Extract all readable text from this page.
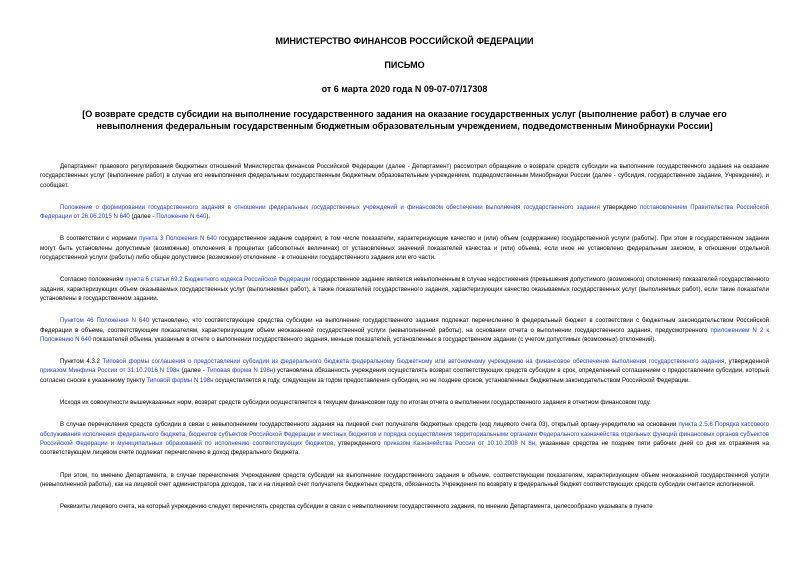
МИНИСТЕРСТВО ФИНАНСОВ РОССИЙСКОЙ ФЕДЕРАЦИИ
ПИСЬМО
от 6 марта 2020 года N 09-07-07/17308
[О возврате средств субсидии на выполнение государственного задания на оказание государственных услуг (выполнение работ) в случае его невыполнения федеральным государственным бюджетным образовательным учреждением, подведомственным Минобрнауки России]

Департамент правового регулирования бюджетных отношений Министерства финансов Российской Федерации (далее - Департамент) рассмотрел обращение о возврате средств субсидии на выполнение государственного задания на оказание государственных услуг (выполнение работ) в случае его невыполнения федеральным государственным бюджетным образовательным учреждением, подведомственным Минобрнауки России (далее - субсидия, государственное задание, Учреждение), и сообщает.

Положение о формировании государственного задания в отношении федеральных государственных учреждений и финансовом обеспечении выполнения государственного задания утверждено постановлением Правительства Российской Федерации от 26.06.2015 N 640 (далее - Положение N 640).

В соответствии с нормами пункта 3 Положения N 640 государственное задание содержит, в том числе показатели, характеризующие качество и (или) объем (содержание) государственной услуги (работы). При этом в государственном задании могут быть установлены допустимые (возможные) отклонения в процентах (абсолютных величинах) от установленных значений показателей качества и (или) объема, если иное не установлено федеральным законом, в отношении отдельной государственной услуги (работы) либо общее допустимое (возможное) отклонение - в отношении государственного задания или его части.

Согласно положениям пункта 6 статьи 69.2 Бюджетного кодекса Российской Федерации государственное задание является невыполненным в случае недостижения (превышения допустимого (возможного) отклонения) показателей государственного задания, характеризующих объем оказываемых государственных услуг (выполняемых работ), а также показателей государственного задания, характеризующих качество оказываемых государственных услуг (выполняемых работ), если такие показатели установлены в государственном задании.

Пунктом 46 Положения N 640 установлено, что соответствующие средства субсидии на выполнение государственного задания подлежат перечислению в федеральный бюджет в соответствии с бюджетным законодательством Российской Федерации в объеме, соответствующем показателям, характеризующим объем неоказанной государственной услуги (невыполненной работы), на основании отчета о выполнении государственного задания, предусмотренного приложением N 2 к Положению N 640 показателей объема, указанные в отчете о выполнении государственного задания, меньше показателей, установленных в государственном задании (с учетом допустимых (возможных) отклонений).

Пунктом 4.3.2 Типовой формы соглашения о предоставлении субсидии из федерального бюджета федеральному бюджетному или автономному учреждению на финансовое обеспечение выполнения государственного задания, утвержденной приказом Минфина России от 31.10.2016 N 198н (далее - Типовая форма N 198н) установлена обязанность учреждения осуществлять возврат соответствующих средств субсидии в срок, определенный соглашением о предоставлении субсидии, который согласно сноске к указанному пункту Типовой формы N 198н осуществляется в году, следующем за годом предоставления субсидии, но не позднее сроков, установленных бюджетным законодательством Российской Федерации.

Исходя их совокупности вышеуказанных норм, возврат средств субсидии осуществляется в текущем финансовом году по итогам отчета о выполнении государственного задания в отчетном финансовом году.

В случае перечисления средств субсидии в связи с невыполнением государственного задания на лицевой счет получателя бюджетных средств (код лицевого счета 03), открытый органу-учредителю на основании пункта 2.5.6 Порядка кассового обслуживания исполнения федерального бюджета, бюджетов субъектов Российской Федерации и местных бюджетов и порядка осуществления территориальными органами Федерального казначейства отдельных функций финансовых органов субъектов Российской Федерации и муниципальных образований по исполнению соответствующих бюджетов, утвержденного приказом Казначейства России от 10.10.2008 N 8н, указанные средства не позднее пяти рабочих дней со дня их отражения на соответствующем лицевом счете подлежат перечислению в доход федерального бюджета.

При этом, по мнению Департамента, в случае перечисления Учреждением средств субсидии на выполнение государственного задания в объеме, соответствующем показателям, характеризующим объем неоказанной государственной услуги (невыполненной работы), как на лицевой счет администратора доходов, так и на лицевой счет получателя бюджетных средств, обязанность Учреждения по возврату в федеральный бюджет соответствующих средств субсидии считается исполненной.

Реквизиты лицевого счета, на который учреждению следует перечислять средства субсидии в связи с невыполнением государственного задания, по мнению Департамента, целесообразно указывать в пункте
